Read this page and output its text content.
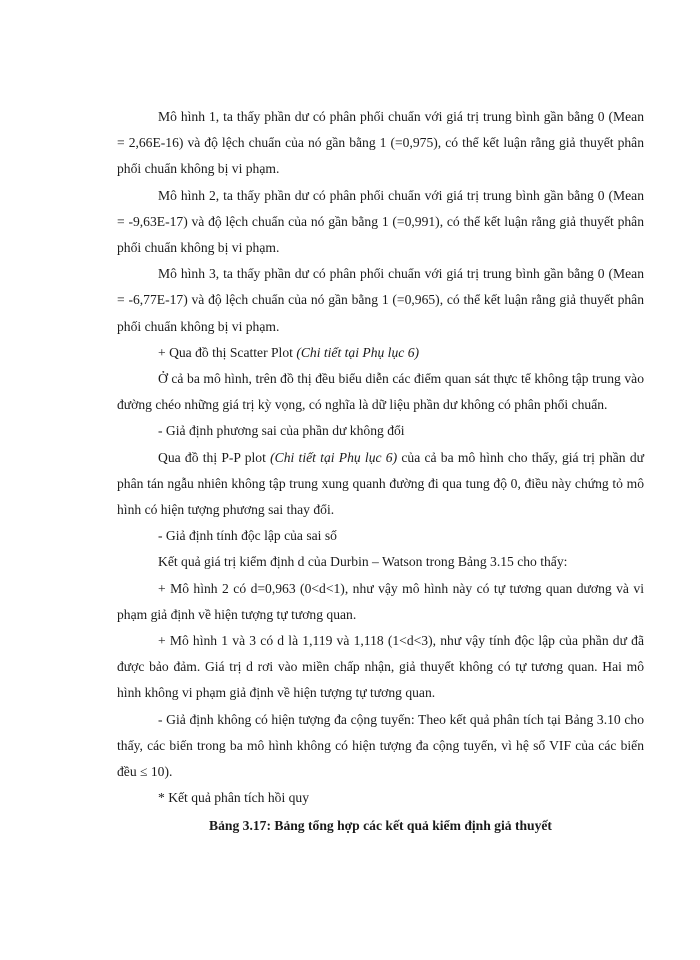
Mô hình 1, ta thấy phần dư có phân phối chuẩn với giá trị trung bình gần bằng 0 (Mean = 2,66E-16) và độ lệch chuẩn của nó gần bằng 1 (=0,975), có thể kết luận rằng giả thuyết phân phối chuẩn không bị vi phạm.

Mô hình 2, ta thấy phần dư có phân phối chuẩn với giá trị trung bình gần bằng 0 (Mean = -9,63E-17) và độ lệch chuẩn của nó gần bằng 1 (=0,991), có thể kết luận rằng giả thuyết phân phối chuẩn không bị vi phạm.

Mô hình 3, ta thấy phần dư có phân phối chuẩn với giá trị trung bình gần bằng 0 (Mean = -6,77E-17) và độ lệch chuẩn của nó gần bằng 1 (=0,965), có thể kết luận rằng giả thuyết phân phối chuẩn không bị vi phạm.

+ Qua đồ thị Scatter Plot (Chi tiết tại Phụ lục 6)

Ở cả ba mô hình, trên đồ thị đều biểu diễn các điểm quan sát thực tế không tập trung vào đường chéo những giá trị kỳ vọng, có nghĩa là dữ liệu phần dư không có phân phối chuẩn.

- Giả định phương sai của phần dư không đổi

Qua đồ thị P-P plot (Chi tiết tại Phụ lục 6) của cả ba mô hình cho thấy, giá trị phần dư phân tán ngẫu nhiên không tập trung xung quanh đường đi qua tung độ 0, điều này chứng tỏ mô hình có hiện tượng phương sai thay đổi.

- Giả định tính độc lập của sai số

Kết quả giá trị kiểm định d của Durbin – Watson trong Bảng 3.15 cho thấy:

+ Mô hình 2 có d=0,963 (0<d<1), như vậy mô hình này có tự tương quan dương và vi phạm giả định về hiện tượng tự tương quan.

+ Mô hình 1 và 3 có d là 1,119 và 1,118 (1<d<3), như vậy tính độc lập của phần dư đã được bảo đảm. Giá trị d rơi vào miền chấp nhận, giả thuyết không có tự tương quan. Hai mô hình không vi phạm giả định về hiện tượng tự tương quan.

- Giả định không có hiện tượng đa cộng tuyến: Theo kết quả phân tích tại Bảng 3.10 cho thấy, các biến trong ba mô hình không có hiện tượng đa cộng tuyến, vì hệ số VIF của các biến đều ≤ 10).

* Kết quả phân tích hồi quy

Bảng 3.17: Bảng tổng hợp các kết quả kiểm định giả thuyết
